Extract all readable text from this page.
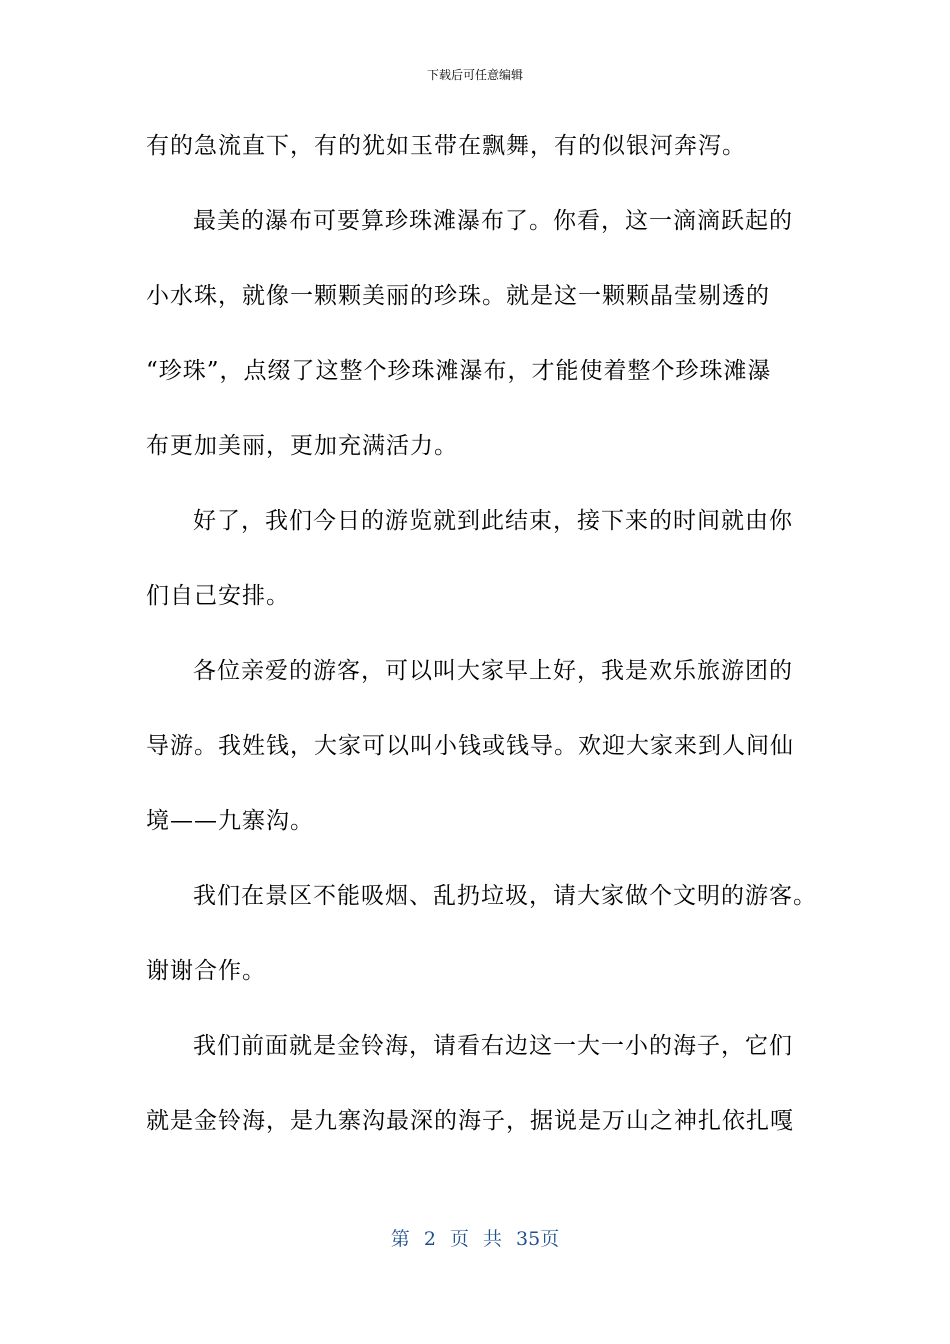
下载后可任意编辑
有的急流直下，有的犹如玉带在飘舞，有的似银河奔泻。
最美的瀑布可要算珍珠滩瀑布了。你看，这一滴滴跃起的
小水珠，就像一颗颗美丽的珍珠。就是这一颗颗晶莹剔透的
“珍珠”，点缀了这整个珍珠滩瀑布，才能使着整个珍珠滩瀑
布更加美丽，更加充满活力。
好了，我们今日的游览就到此结束，接下来的时间就由你
们自己安排。
各位亲爱的游客，可以叫大家早上好，我是欢乐旅游团的
导游。我姓钱，大家可以叫小钱或钱导。欢迎大家来到人间仙
境——九寨沟。
我们在景区不能吸烟、乱扔垃圾，请大家做个文明的游客。
谢谢合作。
我们前面就是金铃海，请看右边这一大一小的海子，它们
就是金铃海，是九寨沟最深的海子，据说是万山之神扎依扎嘎
第 2 页 共 35页
